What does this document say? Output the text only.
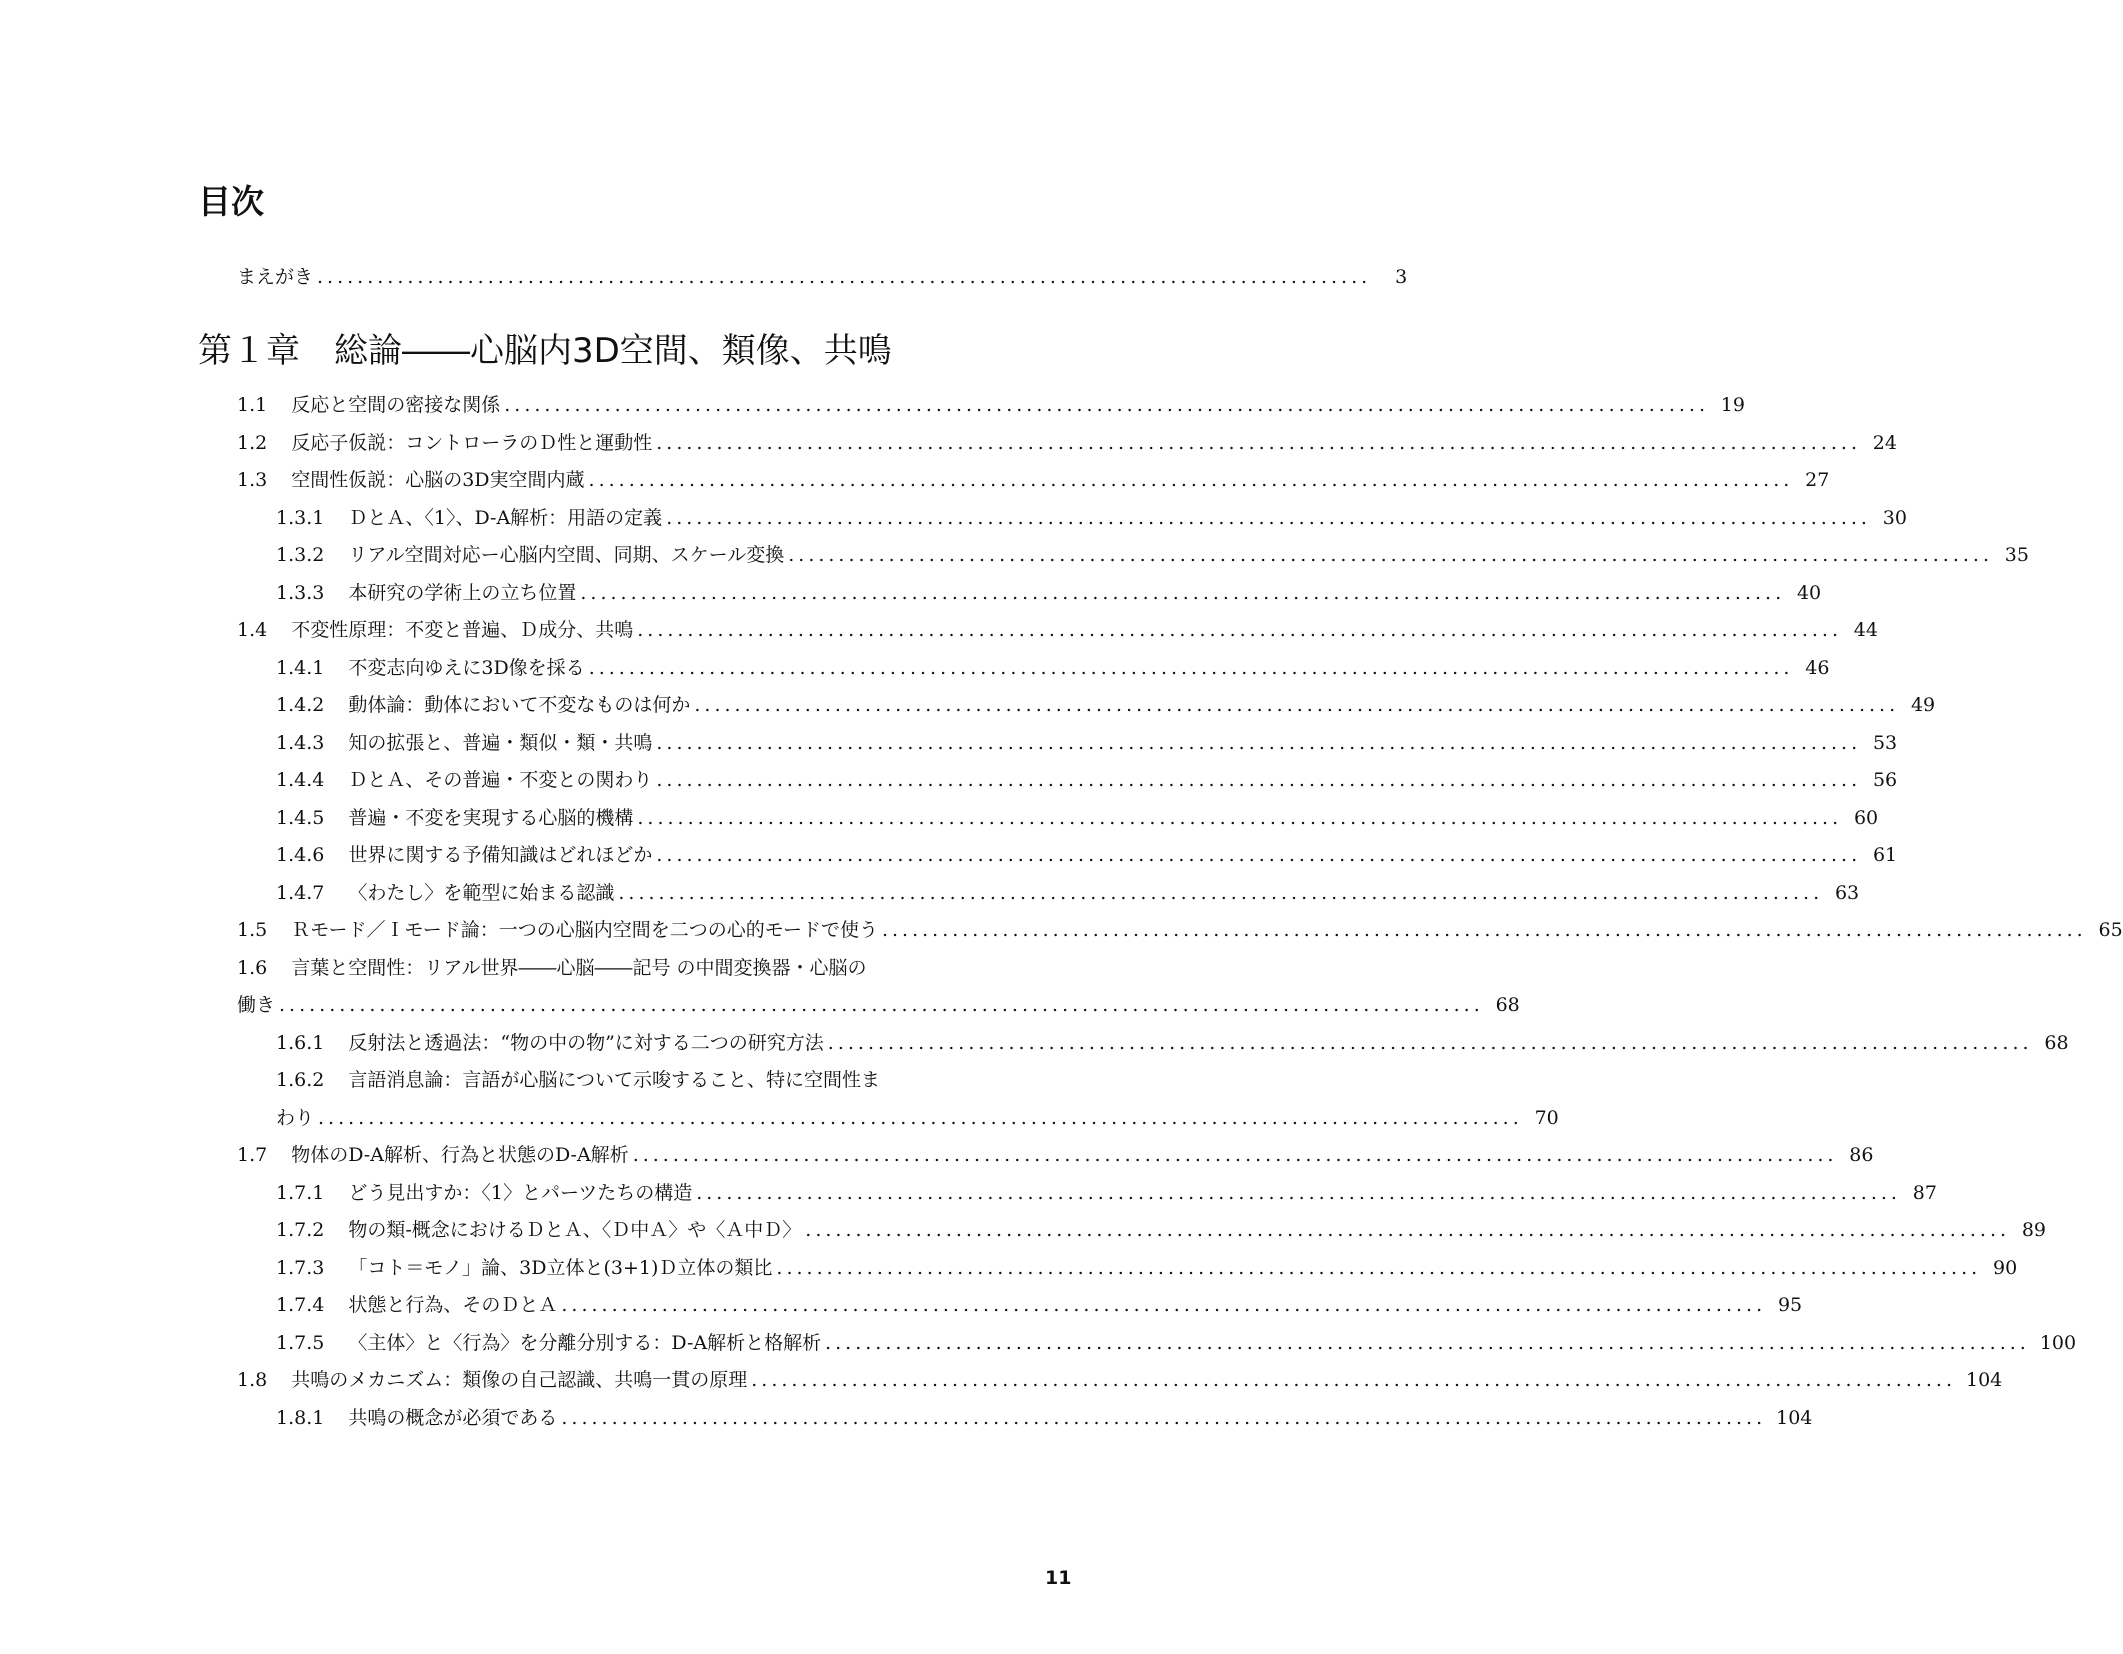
目次
まえがき .........................................................................................................	3
第１章　総論――心脳内3D空間、類像、共鳴
1.1 反応と空間の密接な関係 ........................................................................................................................ 19
1.2 反応子仮説：コントローラのＤ性と運動性 ........................................................................................................................ 24
1.3 空間性仮説：心脳の3D実空間内蔵 ........................................................................................................................ 27
1.3.1 ＤとＡ、〈1〉、D-A解析：用語の定義 ........................................................................................................................ 30
1.3.2 リアル空間対応ー心脳内空間、同期、スケール変換 ........................................................................................................................ 35
1.3.3 本研究の学術上の立ち位置 ........................................................................................................................ 40
1.4 不変性原理：不変と普遍、Ｄ成分、共鳴 ........................................................................................................................ 44
1.4.1 不変志向ゆえに3D像を採る ........................................................................................................................ 46
1.4.2 動体論：動体において不変なものは何か ........................................................................................................................ 49
1.4.3 知の拡張と、普遍・類似・類・共鳴 ........................................................................................................................ 53
1.4.4 ＤとＡ、その普遍・不変との関わり ........................................................................................................................ 56
1.4.5 普遍・不変を実現する心脳的機構 ........................................................................................................................ 60
1.4.6 世界に関する予備知識はどれほどか ........................................................................................................................ 61
1.4.7 〈わたし〉を範型に始まる認識 ........................................................................................................................ 63
1.5 Ｒモード／Ｉモード論：一つの心脳内空間を二つの心的モードで使う ........................................................................................................................ 65
1.6 言葉と空間性：リアル世界――心脳――記号 の中間変換器・心脳の
働き ........................................................................................................................ 68
1.6.1 反射法と透過法：“物の中の物”に対する二つの研究方法 ........................................................................................................................ 68
1.6.2 言語消息論：言語が心脳について示唆すること、特に空間性ま
わり ........................................................................................................................ 70
1.7 物体のD-A解析、行為と状態のD-A解析 ........................................................................................................................ 86
1.7.1 どう見出すか：〈1〉とパーツたちの構造 ........................................................................................................................ 87
1.7.2 物の類-概念におけるＤとＡ、〈Ｄ中Ａ〉や〈Ａ中Ｄ〉 ........................................................................................................................ 89
1.7.3 「コト＝モノ」論、3D立体と(3+1)Ｄ立体の類比 ........................................................................................................................ 90
1.7.4 状態と行為、そのＤとＡ ........................................................................................................................ 95
1.7.5 〈主体〉と〈行為〉を分離分別する：D-A解析と格解析 ........................................................................................................................ 100
1.8 共鳴のメカニズム：類像の自己認識、共鳴一貫の原理 ........................................................................................................................ 104
1.8.1 共鳴の概念が必須である ........................................................................................................................ 104
11
